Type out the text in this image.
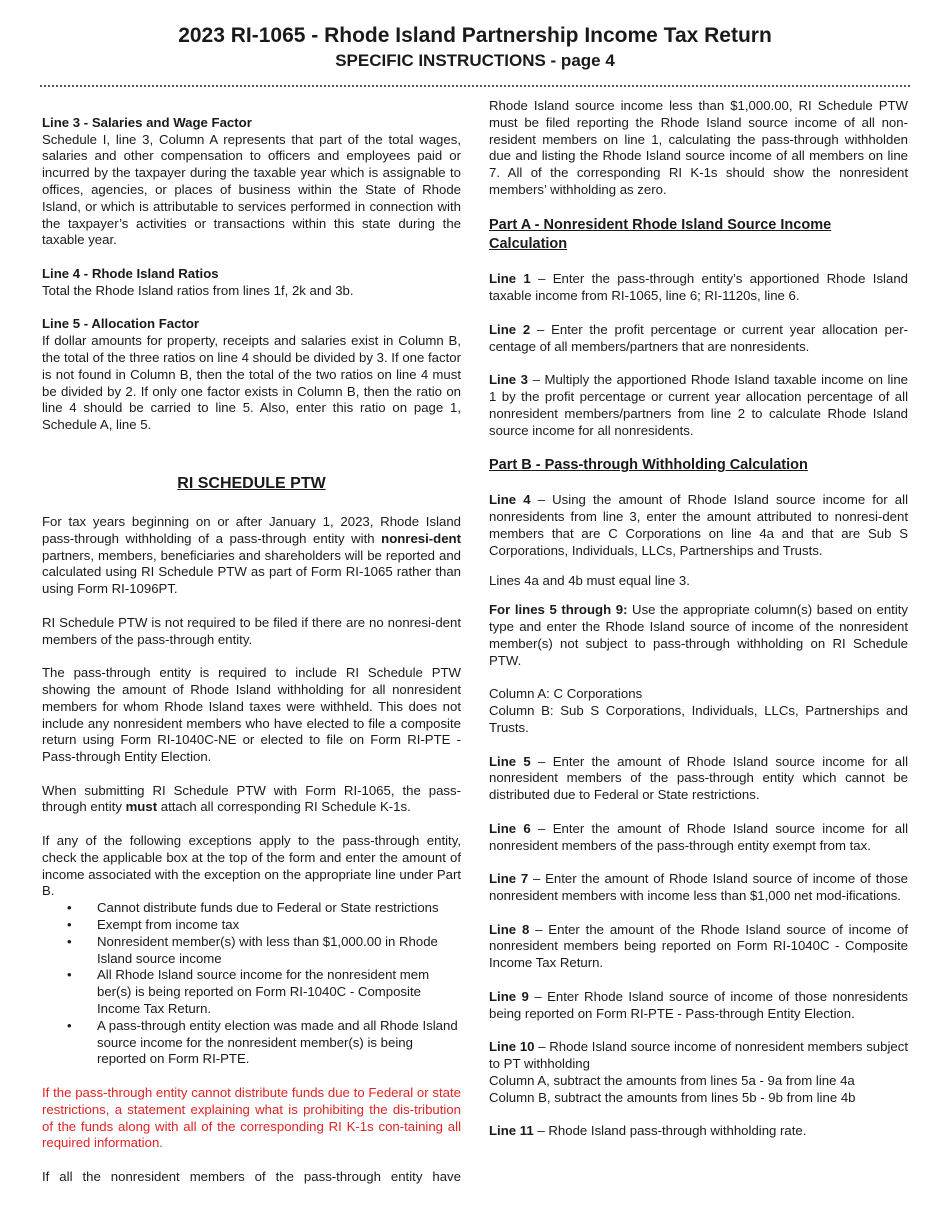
2023 RI-1065 - Rhode Island Partnership Income Tax Return
SPECIFIC INSTRUCTIONS - page 4

Line 3 - Salaries and Wage Factor

Schedule I, line 3, Column A represents that part of the total wages, salaries and other compensation to officers and employees paid or incurred by the taxpayer during the taxable year which is assignable to offices, agencies, or places of business within the State of Rhode Island, or which is attributable to services performed in connection with the taxpayer’s activities or transactions within this state during the taxable year.

Line 4 - Rhode Island Ratios

Total the Rhode Island ratios from lines 1f, 2k and 3b.

Line 5 - Allocation Factor

If dollar amounts for property, receipts and salaries exist in Column B, the total of the three ratios on line 4 should be divided by 3. If one factor is not found in Column B, then the total of the two ratios on line 4 must be divided by 2. If only one factor exists in Column B, then the ratio on line 4 should be carried to line 5. Also, enter this ratio on page 1, Schedule A, line 5.

RI SCHEDULE PTW

For tax years beginning on or after January 1, 2023, Rhode Island pass-through withholding of a pass-through entity with nonresi-dent partners, members, beneficiaries and shareholders will be reported and calculated using RI Schedule PTW as part of Form RI-1065 rather than using Form RI-1096PT.

RI Schedule PTW is not required to be filed if there are no nonresi-dent members of the pass-through entity.

The pass-through entity is required to include RI Schedule PTW showing the amount of Rhode Island withholding for all nonresident members for whom Rhode Island taxes were withheld. This does not include any nonresident members who have elected to file a composite return using Form RI-1040C-NE or elected to file on Form RI-PTE - Pass-through Entity Election.

When submitting RI Schedule PTW with Form RI-1065, the pass-through entity must attach all corresponding RI Schedule K-1s.

If any of the following exceptions apply to the pass-through entity, check the applicable box at the top of the form and enter the amount of income associated with the exception on the appropriate line under Part B.

• Cannot distribute funds due to Federal or State restrictions
• Exempt from income tax
• Nonresident member(s) with less than $1,000.00 in Rhode Island source income
• All Rhode Island source income for the nonresident mem ber(s) is being reported on Form RI-1040C - Composite Income Tax Return.
• A pass-through entity election was made and all Rhode Island source income for the nonresident member(s) is being reported on Form RI-PTE.

If the pass-through entity cannot distribute funds due to Federal or state restrictions, a statement explaining what is prohibiting the dis-tribution of the funds along with all of the corresponding RI K-1s con-taining all required information.

If all the nonresident members of the pass-through entity have

Rhode Island source income less than $1,000.00, RI Schedule PTW must be filed reporting the Rhode Island source income of all non-resident members on line 1, calculating the pass-through withholden due and listing the Rhode Island source income of all members on line 7. All of the corresponding RI K-1s should show the nonresident members’ withholding as zero.

Part A - Nonresident Rhode Island Source Income Calculation

Line 1 – Enter the pass-through entity’s apportioned Rhode Island taxable income from RI-1065, line 6; RI-1120s, line 6.

Line 2 – Enter the profit percentage or current year allocation per-centage of all members/partners that are nonresidents.

Line 3 – Multiply the apportioned Rhode Island taxable income on line 1 by the profit percentage or current year allocation percentage of all nonresident members/partners from line 2 to calculate Rhode Island source income for all nonresidents.

Part B - Pass-through Withholding Calculation

Line 4 – Using the amount of Rhode Island source income for all nonresidents from line 3, enter the amount attributed to nonresi-dent members that are C Corporations on line 4a and that are Sub S Corporations, Individuals, LLCs, Partnerships and Trusts.

Lines 4a and 4b must equal line 3.

For lines 5 through 9: Use the appropriate column(s) based on entity type and enter the Rhode Island source of income of the nonresident member(s) not subject to pass-through withholding on RI Schedule PTW.

Column A: C Corporations

Column B: Sub S Corporations, Individuals, LLCs, Partnerships and Trusts.

Line 5 – Enter the amount of Rhode Island source income for all nonresident members of the pass-through entity which cannot be distributed due to Federal or State restrictions.

Line 6 – Enter the amount of Rhode Island source income for all nonresident members of the pass-through entity exempt from tax.

Line 7 – Enter the amount of Rhode Island source of income of those nonresident members with income less than $1,000 net mod-ifications.

Line 8 – Enter the amount of the Rhode Island source of income of nonresident members being reported on Form RI-1040C - Composite Income Tax Return.

Line 9 – Enter Rhode Island source of income of those nonresidents being reported on Form RI-PTE - Pass-through Entity Election.

Line 10 – Rhode Island source income of nonresident members subject to PT withholding

Column A, subtract the amounts from lines 5a - 9a from line 4a

Column B, subtract the amounts from lines 5b - 9b from line 4b

Line 11 – Rhode Island pass-through withholding rate.
